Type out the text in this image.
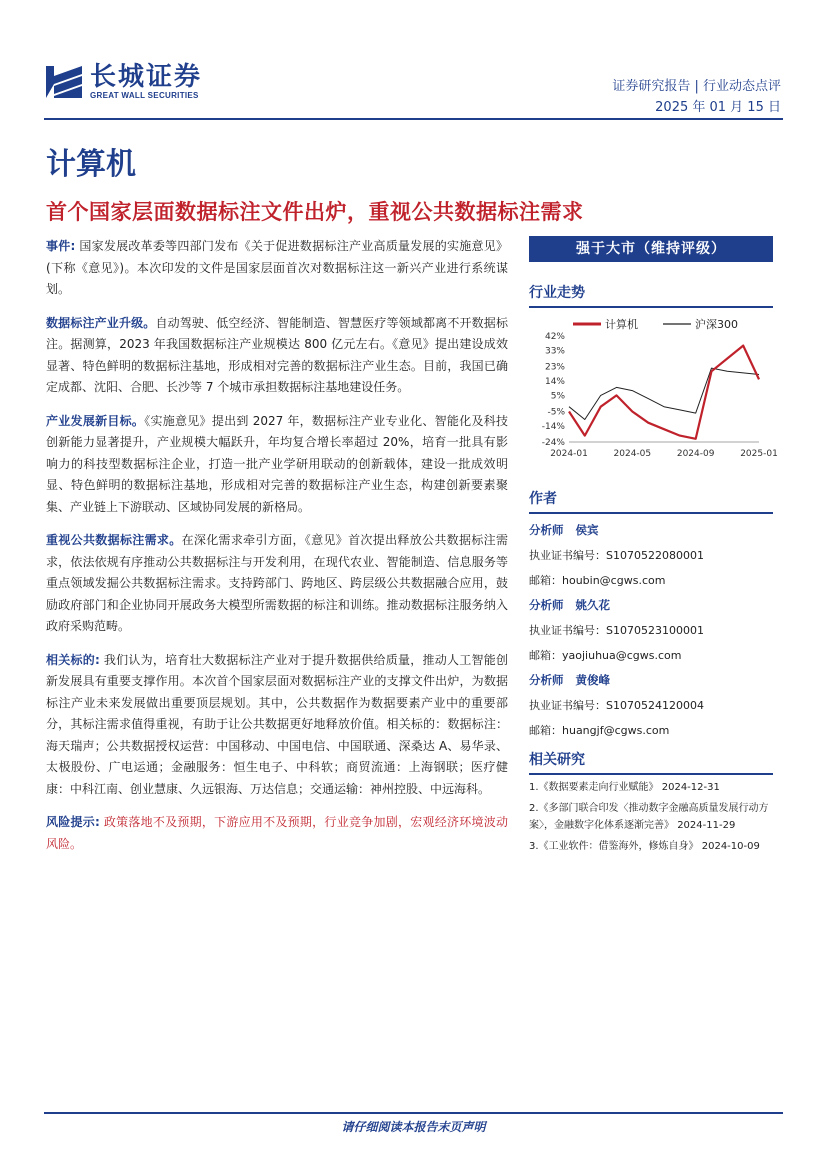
长城证券
GREAT WALL SECURITIES
证券研究报告 | 行业动态点评
2025 年 01 月 15 日
计算机
首个国家层面数据标注文件出炉，重视公共数据标注需求

事件: 国家发展改革委等四部门发布《关于促进数据标注产业高质量发展的实施意见》(下称《意见》)。本次印发的文件是国家层面首次对数据标注这一新兴产业进行系统谋划。

数据标注产业升级。自动驾驶、低空经济、智能制造、智慧医疗等领域都离不开数据标注。据测算，2023 年我国数据标注产业规模达 800 亿元左右。《意见》提出建设成效显著、特色鲜明的数据标注基地，形成相对完善的数据标注产业生态。目前，我国已确定成都、沈阳、合肥、长沙等 7 个城市承担数据标注基地建设任务。

产业发展新目标。《实施意见》提出到 2027 年，数据标注产业专业化、智能化及科技创新能力显著提升，产业规模大幅跃升，年均复合增长率超过 20%，培育一批具有影响力的科技型数据标注企业，打造一批产业学研用联动的创新载体，建设一批成效明显、特色鲜明的数据标注基地，形成相对完善的数据标注产业生态，构建创新要素聚集、产业链上下游联动、区域协同发展的新格局。

重视公共数据标注需求。在深化需求牵引方面，《意见》首次提出释放公共数据标注需求，依法依规有序推动公共数据标注与开发利用，在现代农业、智能制造、信息服务等重点领域发掘公共数据标注需求。支持跨部门、跨地区、跨层级公共数据融合应用，鼓励政府部门和企业协同开展政务大模型所需数据的标注和训练。推动数据标注服务纳入政府采购范畴。

相关标的: 我们认为，培育壮大数据标注产业对于提升数据供给质量，推动人工智能创新发展具有重要支撑作用。本次首个国家层面对数据标注产业的支撑文件出炉，为数据标注产业未来发展做出重要顶层规划。其中，公共数据作为数据要素产业中的重要部分，其标注需求值得重视，有助于让公共数据更好地释放价值。相关标的：数据标注：海天瑞声；公共数据授权运营：中国移动、中国电信、中国联通、深桑达 A、易华录、太极股份、广电运通；金融服务：恒生电子、中科软；商贸流通：上海钢联；医疗健康：中科江南、创业慧康、久远银海、万达信息；交通运输：神州控股、中远海科。

风险提示: 政策落地不及预期，下游应用不及预期，行业竞争加剧，宏观经济环境波动风险。

强于大市（维持评级）
行业走势
计算机	沪深300
42%
33%
23%
14%
5%
-5%
-14%
-24%
2024-01	2024-05	2024-09	2025-01
作者
分析师 侯宾
执业证书编号：S1070522080001
邮箱：houbin@cgws.com
分析师 姚久花
执业证书编号：S1070523100001
邮箱：yaojiuhua@cgws.com
分析师 黄俊峰
执业证书编号：S1070524120004
邮箱：huangjf@cgws.com
相关研究
1.《数据要素走向行业赋能》 2024-12-31
2.《多部门联合印发〈推动数字金融高质量发展行动方案〉，金融数字化体系逐渐完善》 2024-11-29
3.《工业软件：借鉴海外，修炼自身》 2024-10-09
请仔细阅读本报告末页声明
